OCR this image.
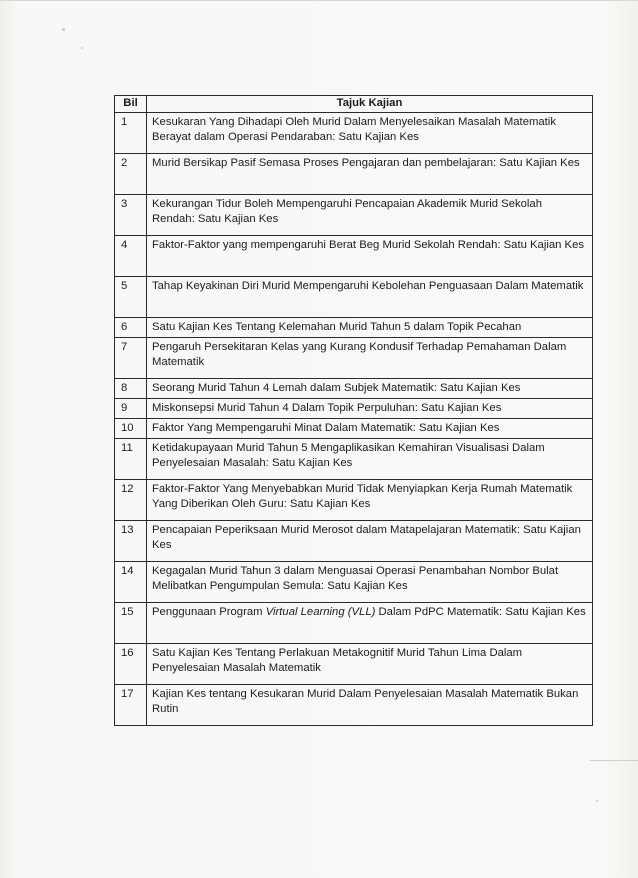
Bil	Tajuk Kajian
1	Kesukaran Yang Dihadapi Oleh Murid Dalam Menyelesaikan Masalah Matematik Berayat dalam Operasi Pendaraban: Satu Kajian Kes
2	Murid Bersikap Pasif Semasa Proses Pengajaran dan pembelajaran: Satu Kajian Kes
3	Kekurangan Tidur Boleh Mempengaruhi Pencapaian Akademik Murid Sekolah Rendah: Satu Kajian Kes
4	Faktor-Faktor yang mempengaruhi Berat Beg Murid Sekolah Rendah: Satu Kajian Kes
5	Tahap Keyakinan Diri Murid Mempengaruhi Kebolehan Penguasaan Dalam Matematik
6	Satu Kajian Kes Tentang Kelemahan Murid Tahun 5 dalam Topik Pecahan
7	Pengaruh Persekitaran Kelas yang Kurang Kondusif Terhadap Pemahaman Dalam Matematik
8	Seorang Murid Tahun 4 Lemah dalam Subjek Matematik: Satu Kajian Kes
9	Miskonsepsi Murid Tahun 4 Dalam Topik Perpuluhan: Satu Kajian Kes
10	Faktor Yang Mempengaruhi Minat Dalam Matematik: Satu Kajian Kes
11	Ketidakupayaan Murid Tahun 5 Mengaplikasikan Kemahiran Visualisasi Dalam Penyelesaian Masalah: Satu Kajian Kes
12	Faktor-Faktor Yang Menyebabkan Murid Tidak Menyiapkan Kerja Rumah Matematik Yang Diberikan Oleh Guru: Satu Kajian Kes
13	Pencapaian Peperiksaan Murid Merosot dalam Matapelajaran Matematik: Satu Kajian Kes
14	Kegagalan Murid Tahun 3 dalam Menguasai Operasi Penambahan Nombor Bulat Melibatkan Pengumpulan Semula: Satu Kajian Kes
15	Penggunaan Program Virtual Learning (VLL) Dalam PdPC Matematik: Satu Kajian Kes
16	Satu Kajian Kes Tentang Perlakuan Metakognitif Murid Tahun Lima Dalam Penyelesaian Masalah Matematik
17	Kajian Kes tentang Kesukaran Murid Dalam Penyelesaian Masalah Matematik Bukan Rutin
